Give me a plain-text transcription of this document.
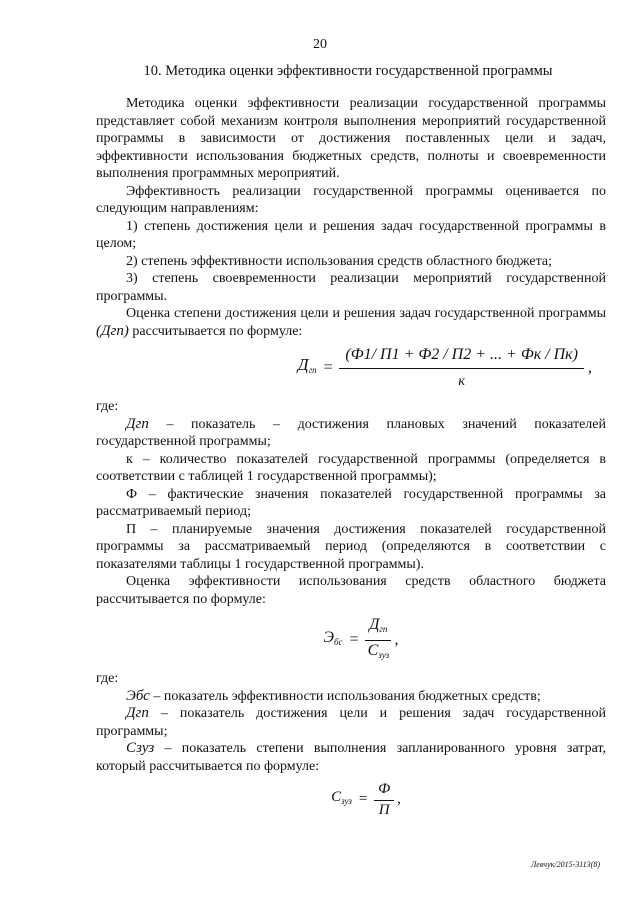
20
10. Методика оценки эффективности государственной программы

Методика оценки эффективности реализации государственной программы представляет собой механизм контроля выполнения мероприятий государственной программы в зависимости от достижения поставленных цели и задач, эффективности использования бюджетных средств, полноты и своевременности выполнения программных мероприятий.

Эффективность реализации государственной программы оценивается по следующим направлениям:

1) степень достижения цели и решения задач государственной программы в целом;

2) степень эффективности использования средств областного бюджета;

3) степень своевременности реализации мероприятий государственной программы.

Оценка степени достижения цели и решения задач государственной программы (Дгп) рассчитывается по формуле:

$Д_{гп} = \frac{(Ф1/ П1 + Ф2 / П2 + ... + Фк / Пк)}{к}$ ,

где:

Дгп – показатель – достижения плановых значений показателей государственной программы;

к – количество показателей государственной программы (определяется в соответствии с таблицей 1 государственной программы);

Ф – фактические значения показателей государственной программы за рассматриваемый период;

П – планируемые значения достижения показателей государственной программы за рассматриваемый период (определяются в соответствии с показателями таблицы 1 государственной программы).

Оценка эффективности использования средств областного бюджета рассчитывается по формуле:

$Э_{бс} = \frac{Д_{гп}}{С_{зуз}}$ ,

где:

Эбс – показатель эффективности использования бюджетных средств;

Дгп – показатель достижения цели и решения задач государственной программы;

Сзуз – показатель степени выполнения запланированного уровня затрат, который рассчитывается по формуле:

$С_{зуз} = \frac{Ф}{П}$ ,
Левчук/2015-3113(8)
